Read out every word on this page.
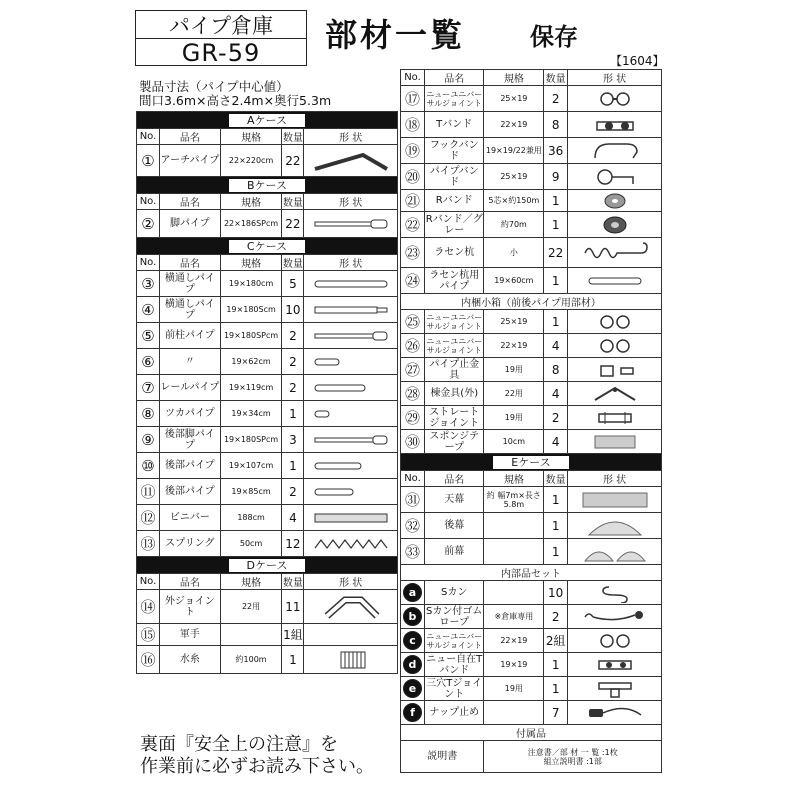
パイプ倉庫
GR-59	部材一覧	保存
【1604】
製品寸法（パイプ中心値）
間口3.6m×高さ2.4m×奥行5.3m
Aケース				
No.	品名	規格	数量	形 状
①	アーチパイプ	22×220cm	22	

Bケース				
No.	品名	規格	数量	形 状
②	脚パイプ	22×186SPcm	22	

Cケース				
No.	品名	規格	数量	形 状
③	横通しパイプ	19×180cm	5	

④	横通しパイプ	19×180Scm	10	

⑤	前柱パイプ	19×180SPcm	2	

⑥	〃	19×62cm	2	

⑦	レールパイプ	19×119cm	2	

⑧	ツカパイプ	19×34cm	1	

⑨	後部脚パイプ	19×180SPcm	3	

⑩	後部パイプ	19×107cm	1	

⑪	後部パイプ	19×85cm	2	

⑫	ビニバー	188cm	4	

⑬	スプリング	50cm	12	

Dケース				
No.	品名	規格	数量	形 状
⑭	外ジョイント	22用	11	

⑮	軍手		1組	
⑯	水糸	約100m	1	
No.	品名	規格	数量	形 状
⑰	ニューユニバーサルジョイント	25×19	2	

⑱	Tバンド	22×19	8	

⑲	フックバンド	19×19/22兼用	36	

⑳	パイプバンド	25×19	9	

㉑	Rバンド	5芯×約150m	1	

㉒	Rバンド／グレー	約70m	1	

㉓	ラセン杭	小	22	

㉔	ラセン杭用パイプ	19×60cm	1	

内梱小箱（前後パイプ用部材）				
㉕	ニューユニバーサルジョイント	25×19	1	

㉖	ニューユニバーサルジョイント	22×19	4	

㉗	パイプ止金具	19用	8	

㉘	棟金具(外)	22用	4	

㉙	ストレートジョイント	19用	2	

㉚	スポンジテープ	10cm	4	

Eケース				
No.	品名	規格	数量	形 状
㉛	天幕	約 幅7m×長さ5.8m	1	

㉜	後幕		1	

㉝	前幕		1	

内部品セット				
a	Sカン		10	

b	Sカン付ゴムロープ	※倉庫専用	2	

c	ニューユニバーサルジョイント	22×19	2組	

d	ニュー自在Tバンド	19×19	1	

e	三穴Tジョイント	19用	1	

f	ナップ止め		7	

付属品				
説明書		注意書／部 材 一 覧 :1枚
組立説明書 :1部		
裏面『安全上の注意』を
作業前に必ずお読み下さい。
